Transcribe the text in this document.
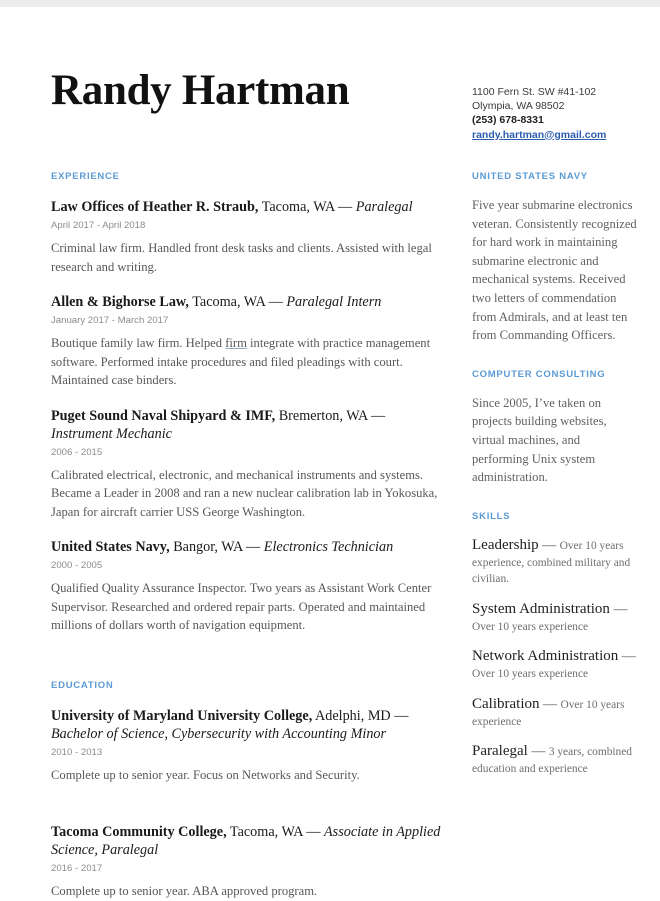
Randy Hartman	1100 Fern St. SW #41-102
Olympia, WA 98502
(253) 678-8331
randy.hartman@gmail.com
EXPERIENCE

Law Offices of Heather R. Straub, Tacoma, WA — Paralegal

April 2017 - April 2018

Criminal law firm. Handled front desk tasks and clients. Assisted with legal research and writing.

Allen & Bighorse Law, Tacoma, WA — Paralegal Intern

January 2017 - March 2017

Boutique family law firm. Helped firm integrate with practice management software. Performed intake procedures and filed pleadings with court. Maintained case binders.

Puget Sound Naval Shipyard & IMF, Bremerton, WA — Instrument Mechanic

2006 - 2015

Calibrated electrical, electronic, and mechanical instruments and systems. Became a Leader in 2008 and ran a new nuclear calibration lab in Yokosuka, Japan for aircraft carrier USS George Washington.

United States Navy, Bangor, WA — Electronics Technician

2000 - 2005

Qualified Quality Assurance Inspector. Two years as Assistant Work Center Supervisor. Researched and ordered repair parts. Operated and maintained millions of dollars worth of navigation equipment.

EDUCATION

University of Maryland University College, Adelphi, MD — Bachelor of Science, Cybersecurity with Accounting Minor

2010 - 2013

Complete up to senior year. Focus on Networks and Security.

Tacoma Community College, Tacoma, WA — Associate in Applied Science, Paralegal

2016 - 2017

Complete up to senior year. ABA approved program.

UNITED STATES NAVY

Five year submarine electronics veteran. Consistently recognized for hard work in maintaining submarine electronic and mechanical systems. Received two letters of commendation from Admirals, and at least ten from Commanding Officers.

COMPUTER CONSULTING

Since 2005, I’ve taken on projects building websites, virtual machines, and performing Unix system administration.

SKILLS

Leadership — Over 10 years experience, combined military and civilian.

System Administration — Over 10 years experience

Network Administration — Over 10 years experience

Calibration — Over 10 years experience

Paralegal — 3 years, combined education and experience
